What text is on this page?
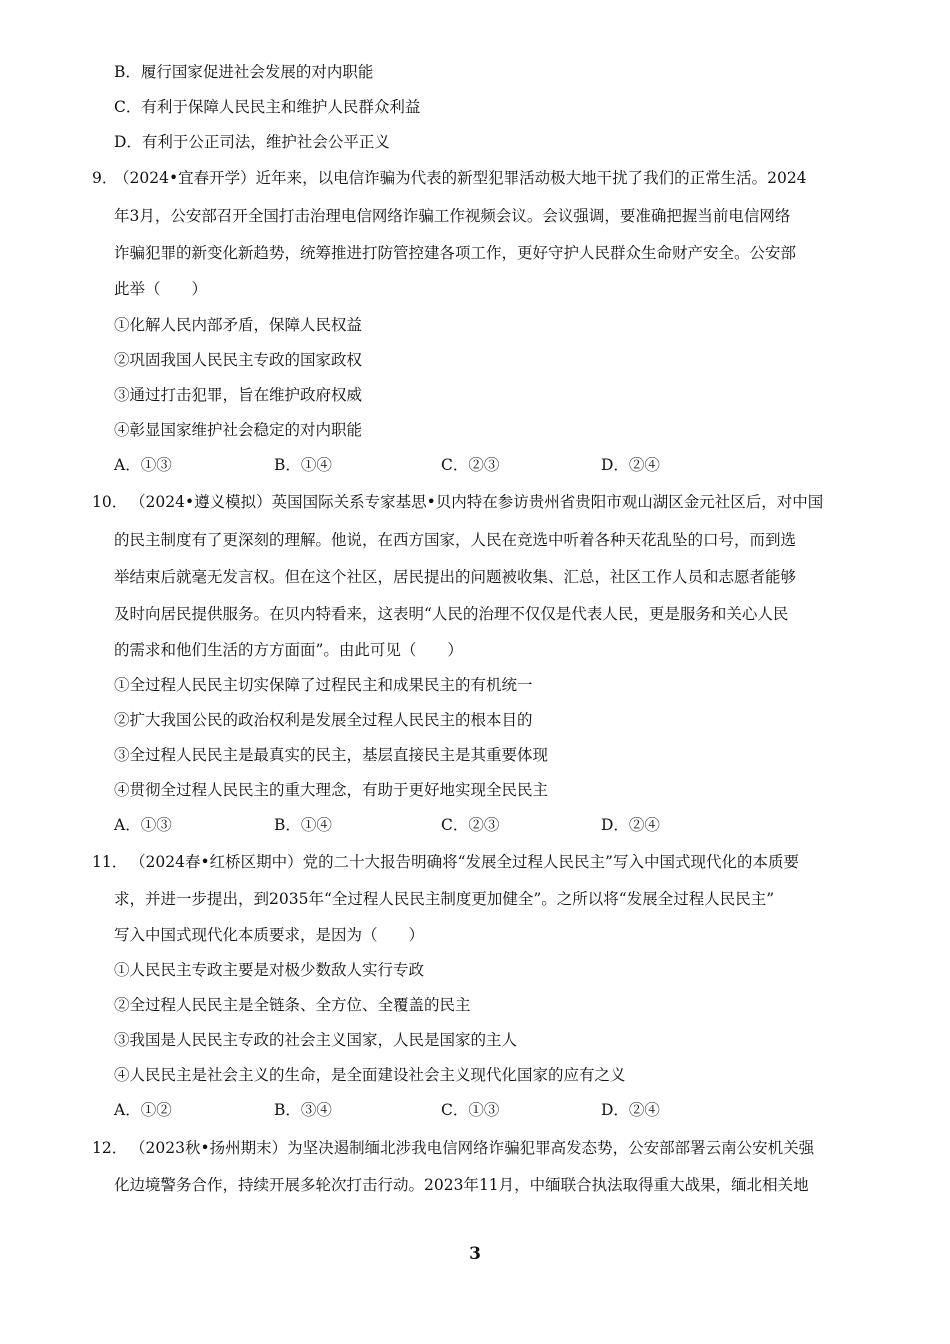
B．履行国家促进社会发展的对内职能
C．有利于保障人民民主和维护人民群众利益
D．有利于公正司法，维护社会公平正义
9．
（2024•宜春开学）近年来，以电信诈骗为代表的新型犯罪活动极大地干扰了我们的正常生活。2024
年3月，公安部召开全国打击治理电信网络诈骗工作视频会议。会议强调，要准确把握当前电信网络
诈骗犯罪的新变化新趋势，统筹推进打防管控建各项工作，更好守护人民群众生命财产安全。公安部
此举（　　）
①化解人民内部矛盾，保障人民权益
②巩固我国人民民主专政的国家政权
③通过打击犯罪，旨在维护政府权威
④彰显国家维护社会稳定的对内职能
A．①③	B．①④	C．②③	D．②④
10． （2024•遵义模拟）英国国际关系专家基思•贝内特在参访贵州省贵阳市观山湖区金元社区后，对中国
的民主制度有了更深刻的理解。他说，在西方国家，人民在竞选中听着各种天花乱坠的口号，而到选
举结束后就毫无发言权。但在这个社区，居民提出的问题被收集、汇总，社区工作人员和志愿者能够
及时向居民提供服务。在贝内特看来，这表明“人民的治理不仅仅是代表人民，更是服务和关心人民
的需求和他们生活的方方面面”。由此可见（　　）
①全过程人民民主切实保障了过程民主和成果民主的有机统一
②扩大我国公民的政治权利是发展全过程人民民主的根本目的
③全过程人民民主是最真实的民主，基层直接民主是其重要体现
④贯彻全过程人民民主的重大理念，有助于更好地实现全民民主
A．①③	B．①④	C．②③	D．②④
11． （2024春•红桥区期中）党的二十大报告明确将“发展全过程人民民主”写入中国式现代化的本质要
求，并进一步提出，到2035年“全过程人民民主制度更加健全”。之所以将“发展全过程人民民主”
写入中国式现代化本质要求，是因为（　　）
①人民民主专政主要是对极少数敌人实行专政
②全过程人民民主是全链条、全方位、全覆盖的民主
③我国是人民民主专政的社会主义国家，人民是国家的主人
④人民民主是社会主义的生命，是全面建设社会主义现代化国家的应有之义
A．①②	B．③④	C．①③	D．②④
12． （2023秋•扬州期末）为坚决遏制缅北涉我电信网络诈骗犯罪高发态势，公安部部署云南公安机关强
化边境警务合作，持续开展多轮次打击行动。2023年11月，中缅联合执法取得重大战果，缅北相关地
3
